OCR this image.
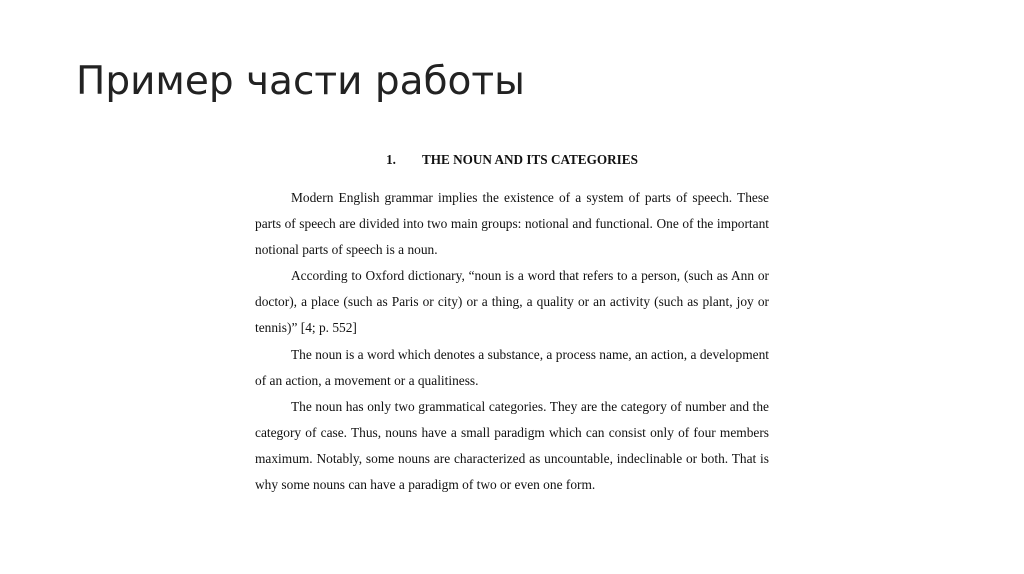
Пример части работы

1. THE NOUN AND ITS CATEGORIES

Modern English grammar implies the existence of a system of parts of speech. These parts of speech are divided into two main groups: notional and functional. One of the important notional parts of speech is a noun.

According to Oxford dictionary, “noun is a word that refers to a person, (such as Ann or doctor), a place (such as Paris or city) or a thing, a quality or an activity (such as plant, joy or tennis)” [4; p. 552]

The noun is a word which denotes a substance, a process name, an action, a development of an action, a movement or a qualitiness.

The noun has only two grammatical categories. They are the category of number and the category of case. Thus, nouns have a small paradigm which can consist only of four members maximum. Notably, some nouns are characterized as uncountable, indeclinable or both. That is why some nouns can have a paradigm of two or even one form.
